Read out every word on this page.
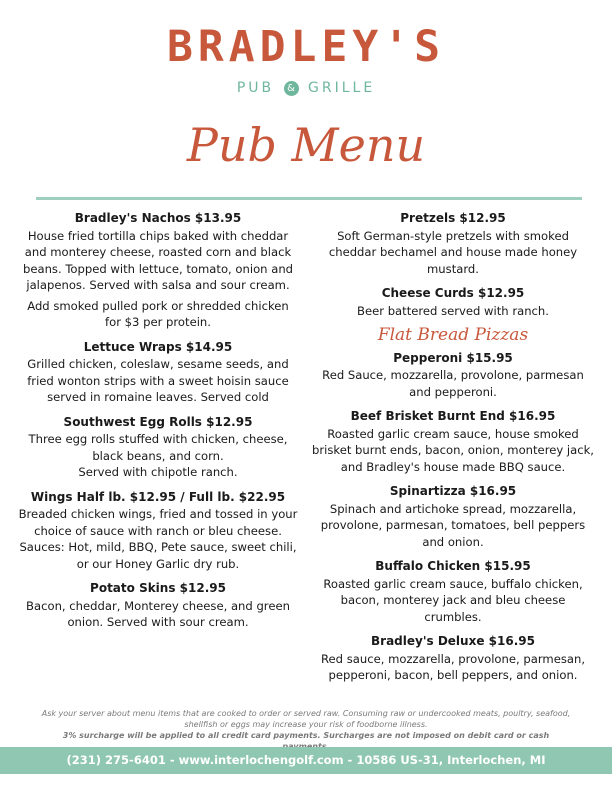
BRADLEY'S
PUB & GRILLE
Pub Menu
Bradley's Nachos $13.95
House fried tortilla chips baked with cheddar and monterey cheese, roasted corn and black beans. Topped with lettuce, tomato, onion and jalapenos. Served with salsa and sour cream.
Add smoked pulled pork or shredded chicken for $3 per protein.
Lettuce Wraps $14.95
Grilled chicken, coleslaw, sesame seeds, and fried wonton strips with a sweet hoisin sauce served in romaine leaves. Served cold
Southwest Egg Rolls $12.95
Three egg rolls stuffed with chicken, cheese, black beans, and corn.
Served with chipotle ranch.
Wings Half lb. $12.95 / Full lb. $22.95
Breaded chicken wings, fried and tossed in your choice of sauce with ranch or bleu cheese.
Sauces: Hot, mild, BBQ, Pete sauce, sweet chili, or our Honey Garlic dry rub.
Potato Skins $12.95
Bacon, cheddar, Monterey cheese, and green onion. Served with sour cream.
Pretzels $12.95
Soft German-style pretzels with smoked cheddar bechamel and house made honey mustard.
Cheese Curds $12.95
Beer battered served with ranch.
Flat Bread Pizzas
Pepperoni $15.95
Red Sauce, mozzarella, provolone, parmesan and pepperoni.
Beef Brisket Burnt End $16.95
Roasted garlic cream sauce, house smoked brisket burnt ends, bacon, onion, monterey jack, and Bradley's house made BBQ sauce.
Spinartizza $16.95
Spinach and artichoke spread, mozzarella, provolone, parmesan, tomatoes, bell peppers and onion.
Buffalo Chicken $15.95
Roasted garlic cream sauce, buffalo chicken, bacon, monterey jack and bleu cheese crumbles.
Bradley's Deluxe $16.95
Red sauce, mozzarella, provolone, parmesan, pepperoni, bacon, bell peppers, and onion.
Ask your server about menu items that are cooked to order or served raw. Consuming raw or undercooked meats, poultry, seafood, shellfish or eggs may increase your risk of foodborne illness.
3% surcharge will be applied to all credit card payments. Surcharges are not imposed on debit card or cash
(231) 275-6401 - www.interlochengolf.com - 10586 US-31, Interlochen, MI
